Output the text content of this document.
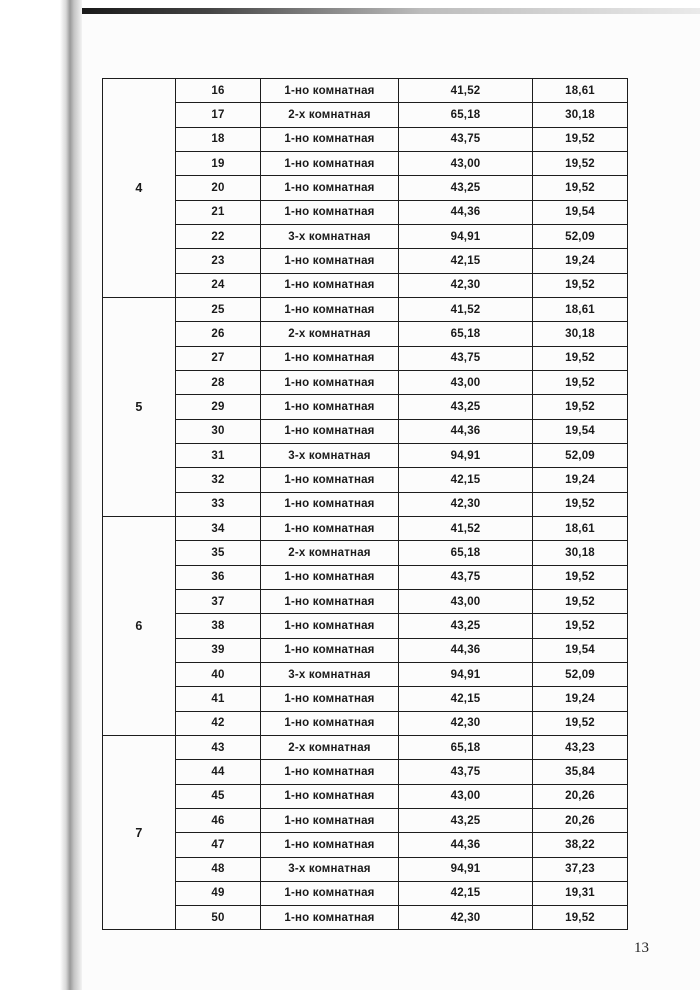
4	16	1-но комнатная	41,52	18,61
	17	2-х комнатная	65,18	30,18
	18	1-но комнатная	43,75	19,52
	19	1-но комнатная	43,00	19,52
	20	1-но комнатная	43,25	19,52
	21	1-но комнатная	44,36	19,54
	22	3-х комнатная	94,91	52,09
	23	1-но комнатная	42,15	19,24
	24	1-но комнатная	42,30	19,52
5	25	1-но комнатная	41,52	18,61
	26	2-х комнатная	65,18	30,18
	27	1-но комнатная	43,75	19,52
	28	1-но комнатная	43,00	19,52
	29	1-но комнатная	43,25	19,52
	30	1-но комнатная	44,36	19,54
	31	3-х комнатная	94,91	52,09
	32	1-но комнатная	42,15	19,24
	33	1-но комнатная	42,30	19,52
6	34	1-но комнатная	41,52	18,61
	35	2-х комнатная	65,18	30,18
	36	1-но комнатная	43,75	19,52
	37	1-но комнатная	43,00	19,52
	38	1-но комнатная	43,25	19,52
	39	1-но комнатная	44,36	19,54
	40	3-х комнатная	94,91	52,09
	41	1-но комнатная	42,15	19,24
	42	1-но комнатная	42,30	19,52
7	43	2-х комнатная	65,18	43,23
	44	1-но комнатная	43,75	35,84
	45	1-но комнатная	43,00	20,26
	46	1-но комнатная	43,25	20,26
	47	1-но комнатная	44,36	38,22
	48	3-х комнатная	94,91	37,23
	49	1-но комнатная	42,15	19,31
	50	1-но комнатная	42,30	19,52
13
